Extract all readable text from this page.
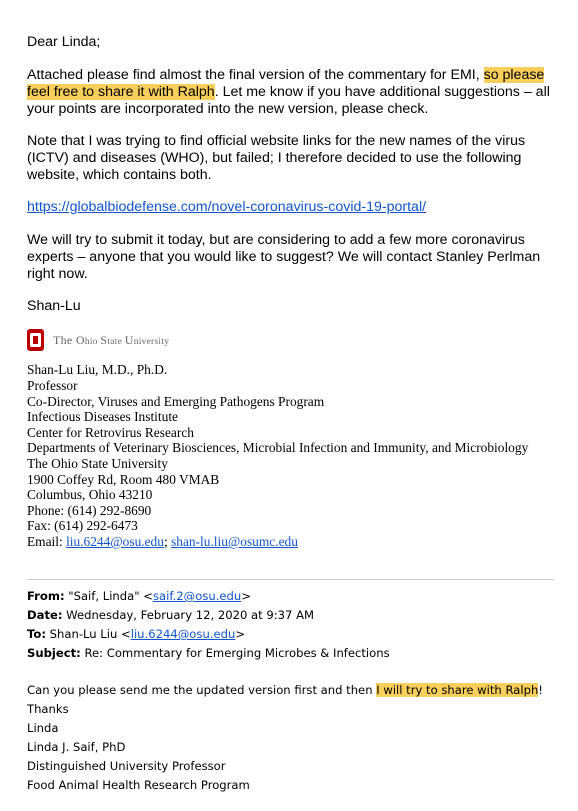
Dear Linda;

Attached please find almost the final version of the commentary for EMI, so please

feel free to share it with Ralph. Let me know if you have additional suggestions – all

your points are incorporated into the new version, please check.

Note that I was trying to find official website links for the new names of the virus

(ICTV) and diseases (WHO), but failed; I therefore decided to use the following

website, which contains both.

https://globalbiodefense.com/novel-coronavirus-covid-19-portal/

We will try to submit it today, but are considering to add a few more coronavirus

experts – anyone that you would like to suggest? We will contact Stanley Perlman

right now.

Shan-Lu

The Ohio State University
Shan-Lu Liu, M.D., Ph.D.
Professor
Co-Director, Viruses and Emerging Pathogens Program
Infectious Diseases Institute
Center for Retrovirus Research
Departments of Veterinary Biosciences, Microbial Infection and Immunity, and Microbiology
The Ohio State University
1900 Coffey Rd, Room 480 VMAB
Columbus, Ohio 43210
Phone: (614) 292-8690
Fax: (614) 292-6473
Email: liu.6244@osu.edu; shan-lu.liu@osumc.edu
From: "Saif, Linda" <saif.2@osu.edu>
Date: Wednesday, February 12, 2020 at 9:37 AM
To: Shan-Lu Liu <liu.6244@osu.edu>
Subject: Re: Commentary for Emerging Microbes & Infections
Can you please send me the updated version first and then I will try to share with Ralph!
Thanks
Linda
Linda J. Saif, PhD
Distinguished University Professor
Food Animal Health Research Program
